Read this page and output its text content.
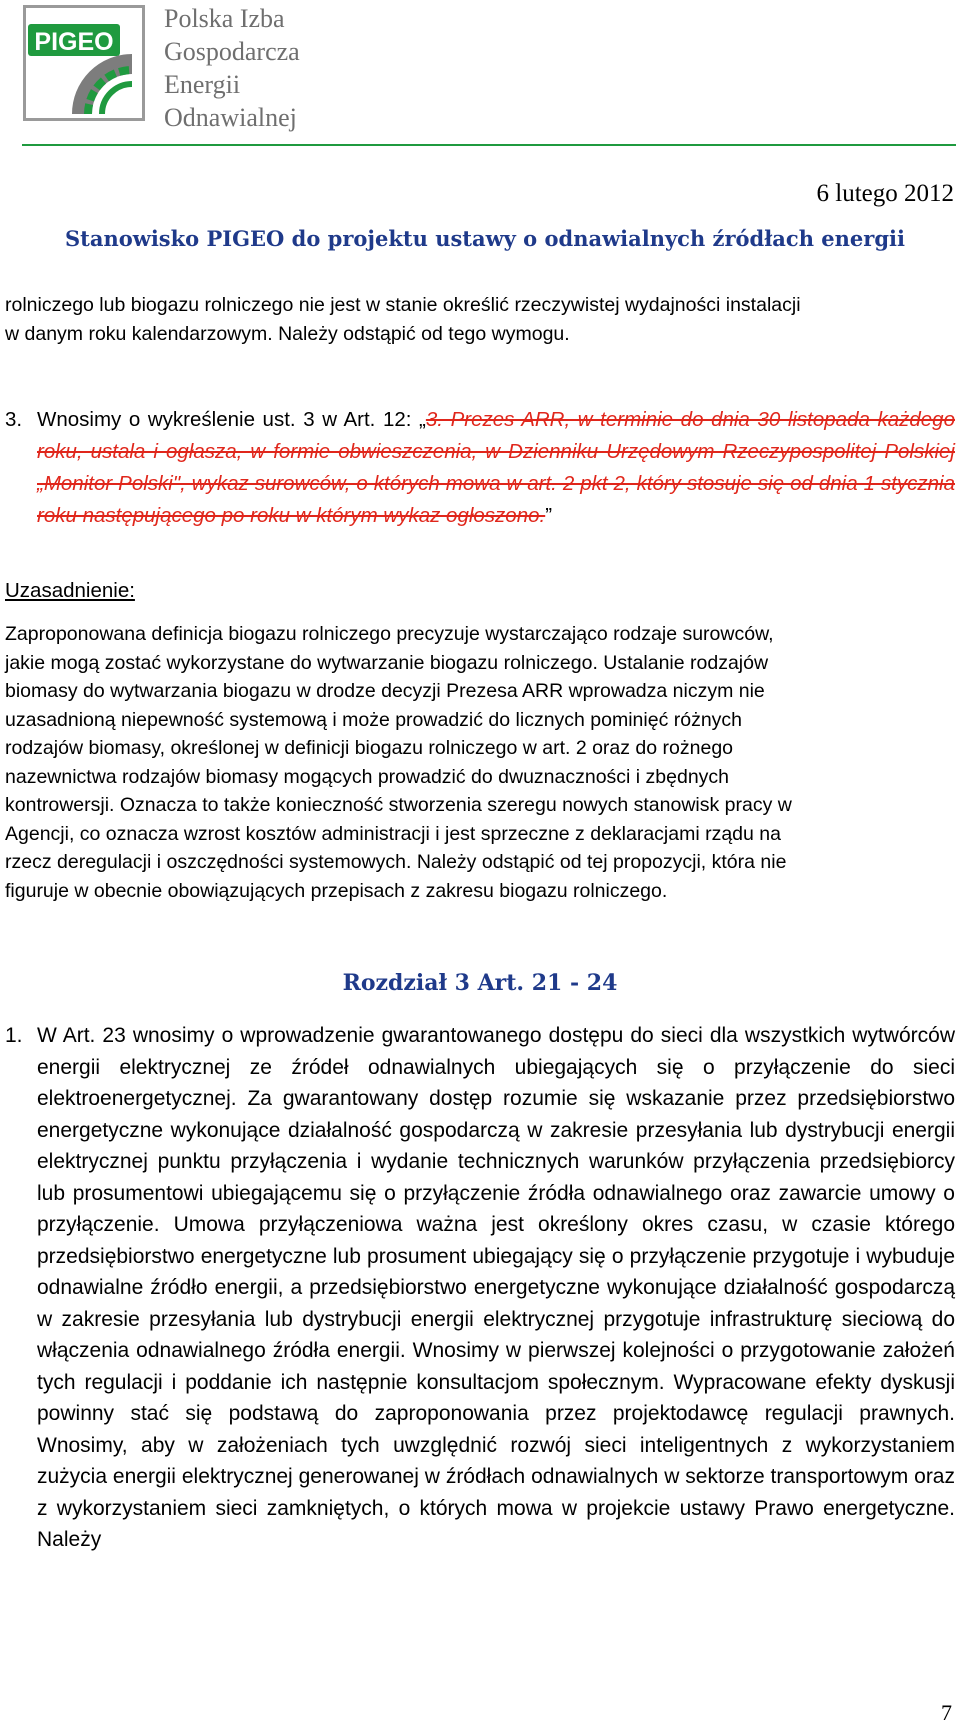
PIGEO
Polska Izba
Gospodarcza
Energii
Odnawialnej
6 lutego 2012
Stanowisko PIGEO do projektu ustawy o odnawialnych źródłach energii
rolniczego lub biogazu rolniczego nie jest w stanie określić rzeczywistej wydajności instalacji
w danym roku kalendarzowym. Należy odstąpić od tego wymogu.
3. Wnosimy o wykreślenie ust. 3 w Art. 12: „3. Prezes ARR, w terminie do dnia 30 listopada każdego roku, ustala i ogłasza, w formie obwieszczenia, w Dzienniku Urzędowym Rzeczypospolitej Polskiej „Monitor Polski", wykaz surowców, o których mowa w art. 2 pkt 2, który stosuje się od dnia 1 stycznia roku następującego po roku w którym wykaz ogłoszono.”
Uzasadnienie:
Zaproponowana definicja biogazu rolniczego precyzuje wystarczająco rodzaje surowców,
jakie mogą zostać wykorzystane do wytwarzanie biogazu rolniczego. Ustalanie rodzajów
biomasy do wytwarzania biogazu w drodze decyzji Prezesa ARR wprowadza niczym nie
uzasadnioną niepewność systemową i może prowadzić do licznych pominięć różnych
rodzajów biomasy, określonej w definicji biogazu rolniczego w art. 2 oraz do rożnego
nazewnictwa rodzajów biomasy mogących prowadzić do dwuznaczności i zbędnych
kontrowersji. Oznacza to także konieczność stworzenia szeregu nowych stanowisk pracy w
Agencji, co oznacza wzrost kosztów administracji i jest sprzeczne z deklaracjami rządu na
rzecz deregulacji i oszczędności systemowych. Należy odstąpić od tej propozycji, która nie
figuruje w obecnie obowiązujących przepisach z zakresu biogazu rolniczego.
Rozdział 3 Art. 21 - 24
1. W Art. 23 wnosimy o wprowadzenie gwarantowanego dostępu do sieci dla wszystkich wytwórców energii elektrycznej ze źródeł odnawialnych ubiegających się o przyłączenie do sieci elektroenergetycznej. Za gwarantowany dostęp rozumie się wskazanie przez przedsiębiorstwo energetyczne wykonujące działalność gospodarczą w zakresie przesyłania lub dystrybucji energii elektrycznej punktu przyłączenia i wydanie technicznych warunków przyłączenia przedsiębiorcy lub prosumentowi ubiegającemu się o przyłączenie źródła odnawialnego oraz zawarcie umowy o przyłączenie. Umowa przyłączeniowa ważna jest określony okres czasu, w czasie którego przedsiębiorstwo energetyczne lub prosument ubiegający się o przyłączenie przygotuje i wybuduje odnawialne źródło energii, a przedsiębiorstwo energetyczne wykonujące działalność gospodarczą w zakresie przesyłania lub dystrybucji energii elektrycznej przygotuje infrastrukturę sieciową do włączenia odnawialnego źródła energii. Wnosimy w pierwszej kolejności o przygotowanie założeń tych regulacji i poddanie ich następnie konsultacjom społecznym. Wypracowane efekty dyskusji powinny stać się podstawą do zaproponowania przez projektodawcę regulacji prawnych. Wnosimy, aby w założeniach tych uwzględnić rozwój sieci inteligentnych z wykorzystaniem zużycia energii elektrycznej generowanej w źródłach odnawialnych w sektorze transportowym oraz z wykorzystaniem sieci zamkniętych, o których mowa w projekcie ustawy Prawo energetyczne. Należy
7
